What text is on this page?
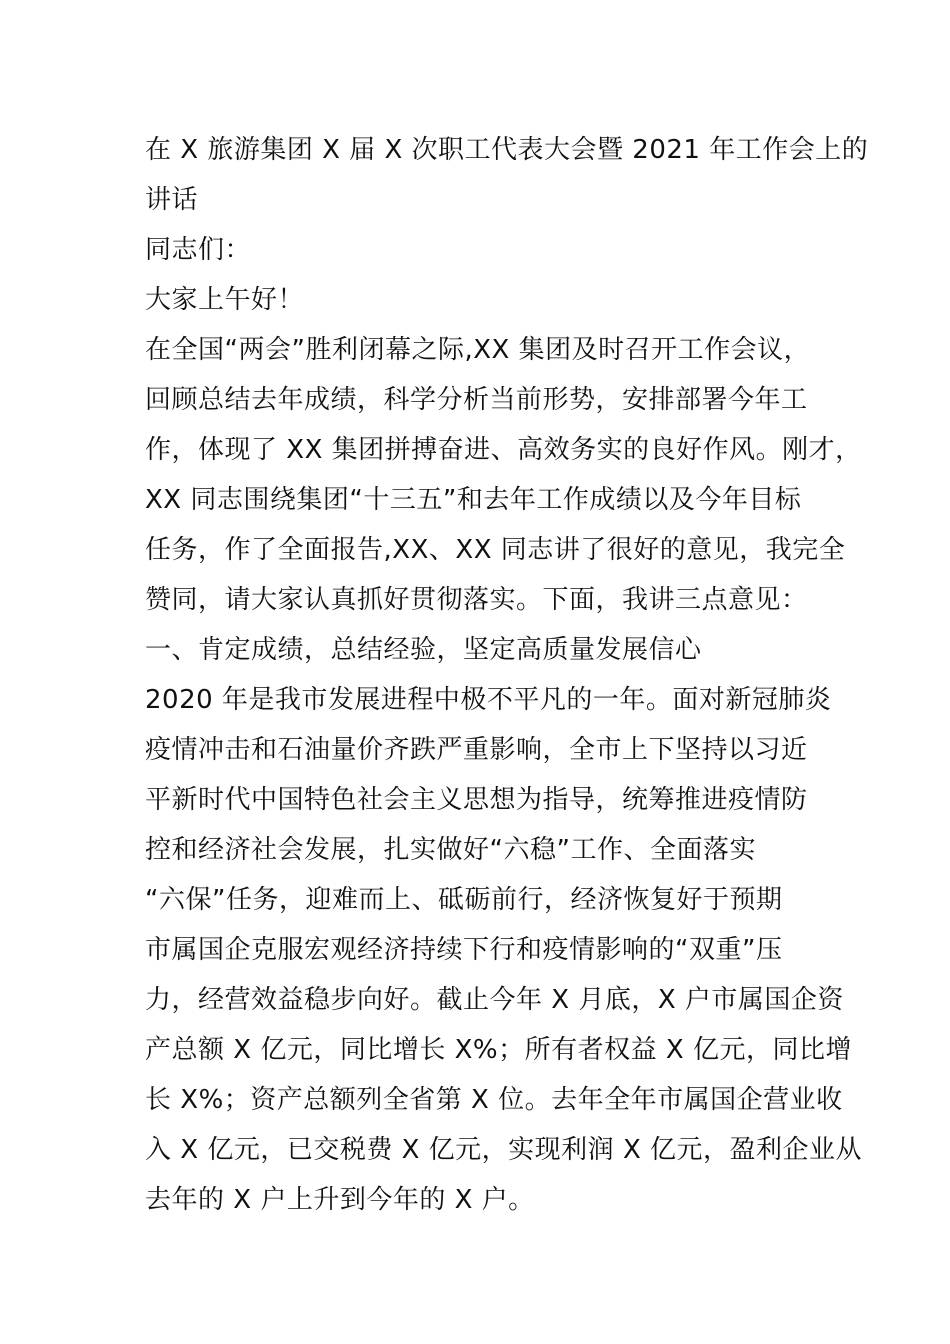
在 X 旅游集团 X 届 X 次职工代表大会暨 2021 年工作会上的
讲话
同志们：
大家上午好！
在全国“两会”胜利闭幕之际,XX 集团及时召开工作会议，
回顾总结去年成绩，科学分析当前形势，安排部署今年工
作，体现了 XX 集团拼搏奋进、高效务实的良好作风。刚才，
XX 同志围绕集团“十三五”和去年工作成绩以及今年目标
任务，作了全面报告,XX、XX 同志讲了很好的意见，我完全
赞同，请大家认真抓好贯彻落实。下面，我讲三点意见：
一、肯定成绩，总结经验，坚定高质量发展信心
2020 年是我市发展进程中极不平凡的一年。面对新冠肺炎
疫情冲击和石油量价齐跌严重影响，全市上下坚持以习近
平新时代中国特色社会主义思想为指导，统筹推进疫情防
控和经济社会发展，扎实做好“六稳”工作、全面落实
“六保”任务，迎难而上、砥砺前行，经济恢复好于预期
市属国企克服宏观经济持续下行和疫情影响的“双重”压
力，经营效益稳步向好。截止今年 X 月底，X 户市属国企资
产总额 X 亿元，同比增长 X%；所有者权益 X 亿元，同比增
长 X%；资产总额列全省第 X 位。去年全年市属国企营业收
入 X 亿元，已交税费 X 亿元，实现利润 X 亿元，盈利企业从
去年的 X 户上升到今年的 X 户。
